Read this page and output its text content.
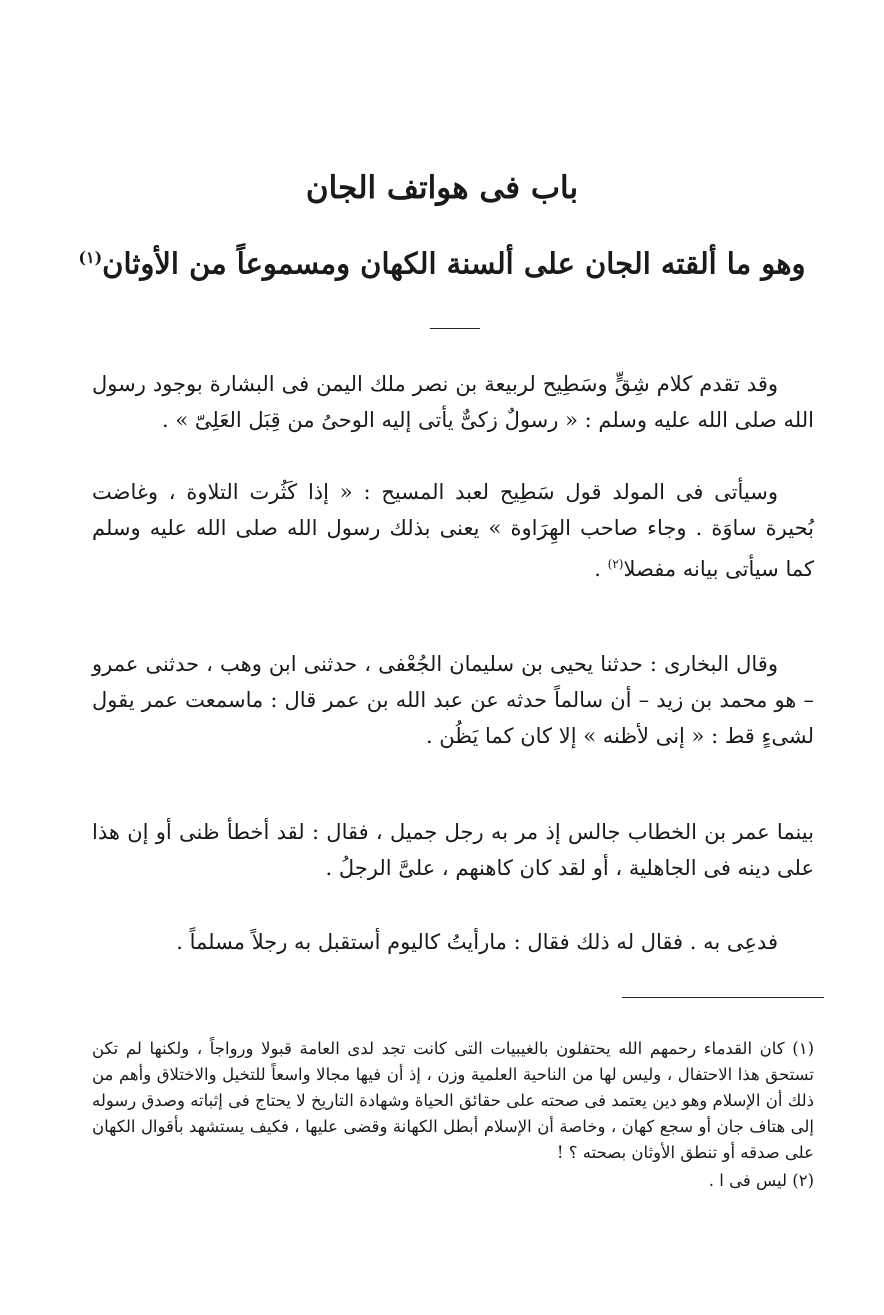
باب فى هواتف الجان
وهو ما ألقته الجان على ألسنة الكهان ومسموعاً من الأوثان$^{(١)}$
وقد تقدم كلام شِقٍّ وسَطِيح لربيعة بن نصر ملك اليمن فى البشارة بوجود رسول الله صلى الله عليه وسلم : « رسولٌ زكىٌّ يأتى إليه الوحىُ من قِبَل العَلِىّ » .
وسيأتى فى المولد قول سَطِيح لعبد المسيح : « إذا كَثُرت التلاوة ، وغاضت بُحيرة ساوَة . وجاء صاحب الهِرَاوة » يعنى بذلك رسول الله صلى الله عليه وسلم كما سيأتى بيانه مفصلا$^{(٢)}$ .
وقال البخارى : حدثنا يحيى بن سليمان الجُعْفى ، حدثنى ابن وهب ، حدثنى عمرو – هو محمد بن زيد – أن سالماً حدثه عن عبد الله بن عمر قال : ماسمعت عمر يقول لشىءٍ قط : « إنى لأظنه » إلا كان كما يَظُن .
بينما عمر بن الخطاب جالس إذ مر به رجل جميل ، فقال : لقد أخطأ ظنى أو إن هذا على دينه فى الجاهلية ، أو لقد كان كاهنهم ، علىَّ الرجلُ .
فدعِى به . فقال له ذلك فقال : مارأيتُ كاليوم أستقبل به رجلاً مسلماً .

(١) كان القدماء رحمهم الله يحتفلون بالغيبيات التى كانت تجد لدى العامة قبولا ورواجاً ، ولكنها لم تكن تستحق هذا الاحتفال ، وليس لها من الناحية العلمية وزن ، إذ أن فيها مجالا واسعاً للتخيل والاختلاق وأهم من ذلك أن الإسلام وهو دين يعتمد فى صحته على حقائق الحياة وشهادة التاريخ لا يحتاج فى إثباته وصدق رسوله إلى هتاف جان أو سجع كهان ، وخاصة أن الإسلام أبطل الكهانة وقضى عليها ، فكيف يستشهد بأقوال الكهان على صدقه أو تنطق الأوثان بصحته ؟ !

(٢) ليس فى ا .
